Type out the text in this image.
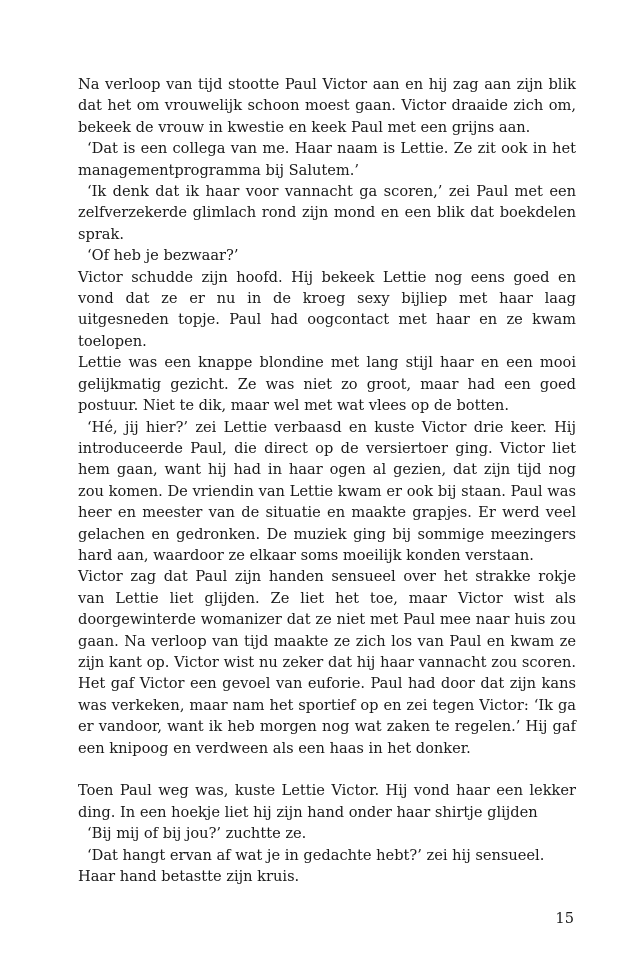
Na verloop van tijd stootte Paul Victor aan en hij zag aan zijn blik dat het om vrouwelijk schoon moest gaan. Victor draaide zich om, bekeek de vrouw in kwestie en keek Paul met een grijns aan.

‘Dat is een collega van me. Haar naam is Lettie. Ze zit ook in het managementprogramma bij Salutem.’

‘Ik denk dat ik haar voor vannacht ga scoren,’ zei Paul met een zelfverzekerde glimlach rond zijn mond en een blik dat boekdelen sprak.

‘Of heb je bezwaar?’

Victor schudde zijn hoofd. Hij bekeek Lettie nog eens goed en vond dat ze er nu in de kroeg sexy bijliep met haar laag uitgesneden topje. Paul had oogcontact met haar en ze kwam toelopen.

Lettie was een knappe blondine met lang stijl haar en een mooi gelijkmatig gezicht. Ze was niet zo groot, maar had een goed postuur. Niet te dik, maar wel met wat vlees op de botten.

‘Hé, jij hier?’ zei Lettie verbaasd en kuste Victor drie keer. Hij introduceerde Paul, die direct op de versiertoer ging. Victor liet hem gaan, want hij had in haar ogen al gezien, dat zijn tijd nog zou komen. De vriendin van Lettie kwam er ook bij staan. Paul was heer en meester van de situatie en maakte grapjes. Er werd veel gelachen en gedronken. De muziek ging bij sommige meezingers hard aan, waardoor ze elkaar soms moeilijk konden verstaan.

Victor zag dat Paul zijn handen sensueel over het strakke rokje van Lettie liet glijden. Ze liet het toe, maar Victor wist als doorgewinterde womanizer dat ze niet met Paul mee naar huis zou gaan. Na verloop van tijd maakte ze zich los van Paul en kwam ze zijn kant op. Victor wist nu zeker dat hij haar vannacht zou scoren. Het gaf Victor een gevoel van euforie. Paul had door dat zijn kans was verkeken, maar nam het sportief op en zei tegen Victor: ‘Ik ga er vandoor, want ik heb morgen nog wat zaken te regelen.’ Hij gaf een knipoog en verdween als een haas in het donker.

Toen Paul weg was, kuste Lettie Victor. Hij vond haar een lekker ding. In een hoekje liet hij zijn hand onder haar shirtje glijden

‘Bij mij of bij jou?’ zuchtte ze.

‘Dat hangt ervan af wat je in gedachte hebt?’ zei hij sensueel.

Haar hand betastte zijn kruis.

15
